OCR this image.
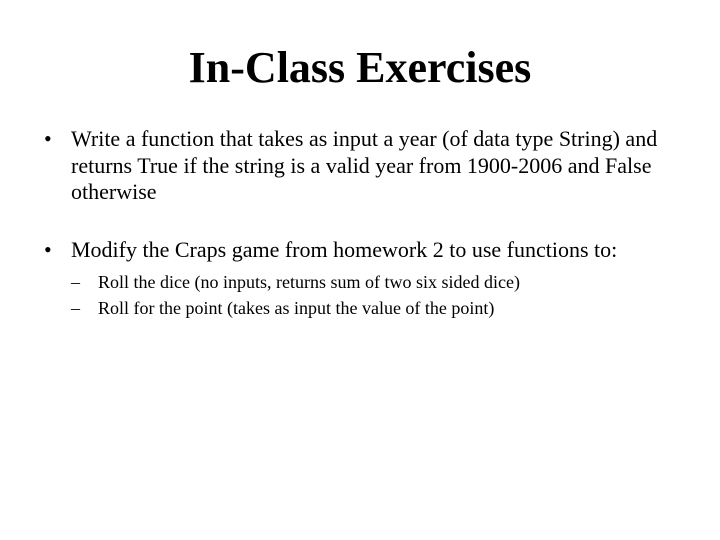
In-Class Exercises
• Write a function that takes as input a year (of data type String) and returns True if the string is a valid year from 1900-2006 and False otherwise
• Modify the Craps game from homework 2 to use functions to:
– Roll the dice (no inputs, returns sum of two six sided dice)
– Roll for the point (takes as input the value of the point)
